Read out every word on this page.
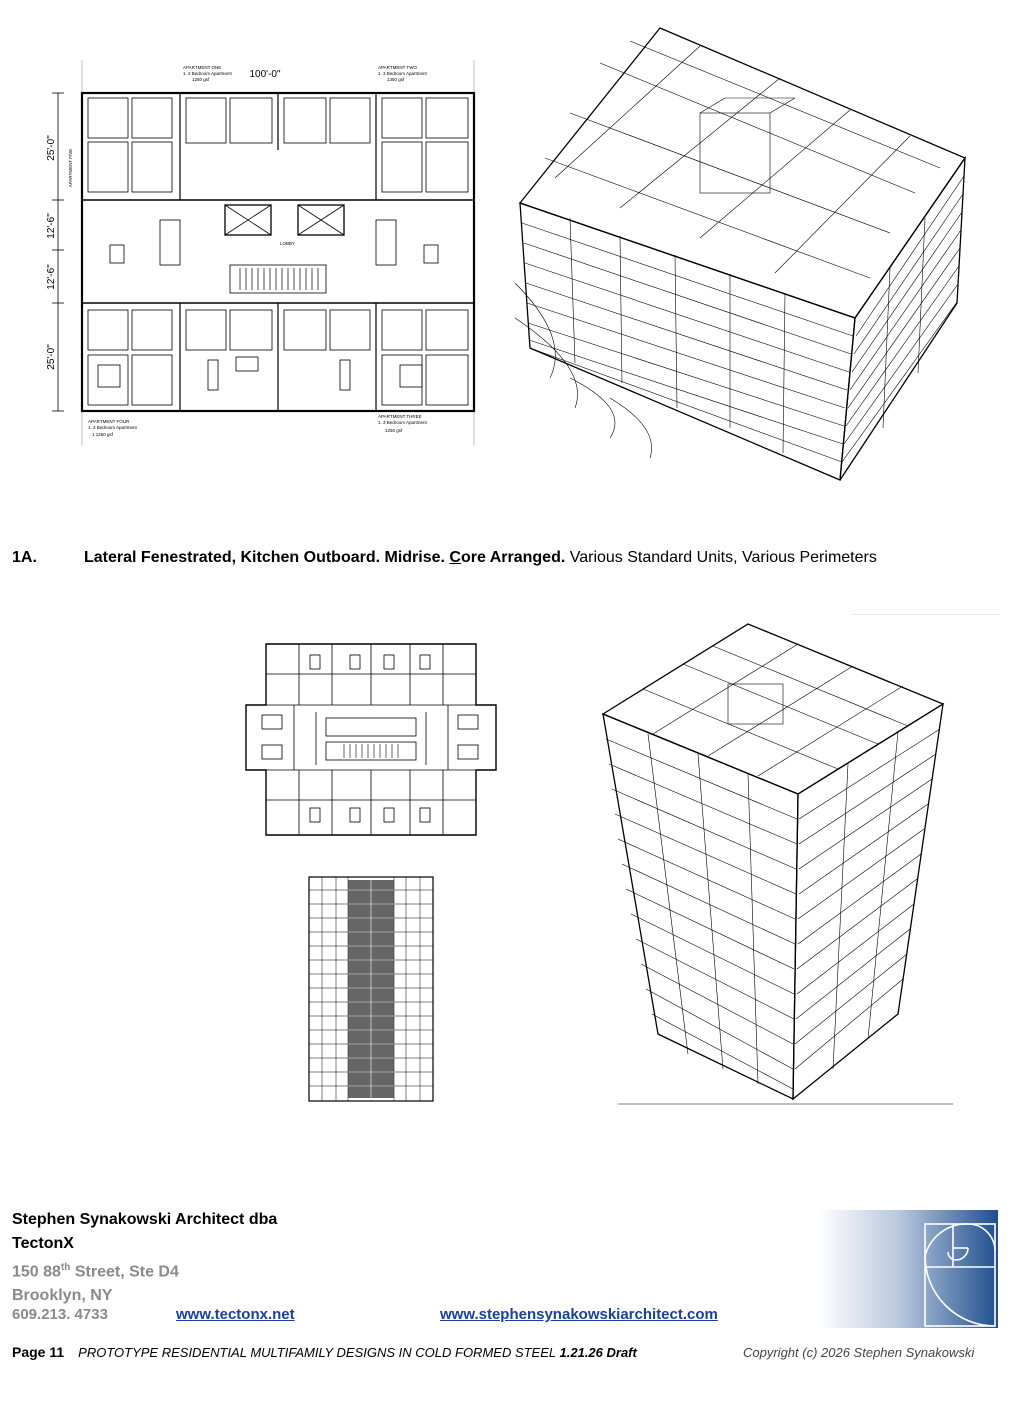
100'-0"
25'-0"
12'-6"
12'-6"
25'-0"
APARTMENT FIVE
APARTMENT ONE
1. 2 Bedroom Apartment
1250 gsf
APARTMENT TWO
1. 3 Bedroom Apartment
1350 gsf
APARTMENT FOUR
1. 3 Bedroom Apartment
1 1250 gsf
APARTMENT THREE
1. 3 Bedroom Apartment
1250 gsf
LOBBY
1A.	Lateral Fenestrated, Kitchen Outboard. Midrise. Core Arranged. Various Standard Units, Various Perimeters
Stephen Synakowski Architect dba
TectonX
150 88th Street, Ste D4
Brooklyn, NY
609.213. 4733	www.tectonx.net	www.stephensynakowskiarchitect.com
Page 11 PROTOTYPE RESIDENTIAL MULTIFAMILY DESIGNS IN COLD FORMED STEEL 1.21.26 Draft	Copyright (c) 2026 Stephen Synakowski
